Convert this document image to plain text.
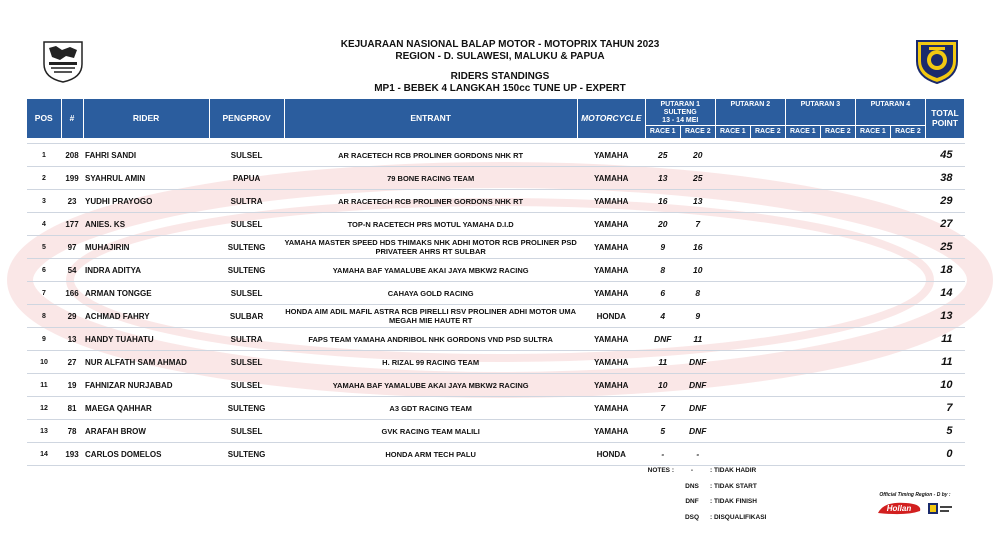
KEJUARAAN NASIONAL BALAP MOTOR - MOTOPRIX TAHUN 2023
REGION - D. SULAWESI, MALUKU & PAPUA
RIDERS STANDINGS
MP1 - BEBEK 4 LANGKAH 150cc TUNE UP - EXPERT
POS	#	RIDER	PENGPROV	ENTRANT	MOTORCYCLE	PUTARAN 1
SULTENG
13 - 14 MEI		PUTARAN 2		PUTARAN 3		PUTARAN 4		TOTAL POINT
						RACE 1	RACE 2	RACE 1	RACE 2	RACE 1	RACE 2	RACE 1	RACE 2	

1	208	FAHRI SANDI	SULSEL	AR RACETECH RCB PROLINER GORDONS NHK RT	YAMAHA	25	20							45
2	199	SYAHRUL AMIN	PAPUA	79 BONE RACING TEAM	YAMAHA	13	25							38
3	23	YUDHI PRAYOGO	SULTRA	AR RACETECH RCB PROLINER GORDONS NHK RT	YAMAHA	16	13							29
4	177	ANIES. KS	SULSEL	TOP-N RACETECH PRS MOTUL YAMAHA D.I.D	YAMAHA	20	7							27
5	97	MUHAJIRIN	SULTENG	YAMAHA MASTER SPEED HDS THIMAKS NHK ADHI MOTOR RCB PROLINER PSD PRIVATEER AHRS RT SULBAR	YAMAHA	9	16							25
6	54	INDRA ADITYA	SULTENG	YAMAHA BAF YAMALUBE AKAI JAYA MBKW2 RACING	YAMAHA	8	10							18
7	166	ARMAN TONGGE	SULSEL	CAHAYA GOLD RACING	YAMAHA	6	8							14
8	29	ACHMAD FAHRY	SULBAR	HONDA AIM ADIL MAFIL ASTRA RCB PIRELLI RSV PROLINER ADHI MOTOR UMA MEGAH MIE HAUTE RT	HONDA	4	9							13
9	13	HANDY TUAHATU	SULTRA	FAPS TEAM YAMAHA ANDRIBOL NHK GORDONS VND PSD SULTRA	YAMAHA	DNF	11							11
10	27	NUR ALFATH SAM AHMAD	SULSEL	H. RIZAL 99 RACING TEAM	YAMAHA	11	DNF							11
11	19	FAHNIZAR NURJABAD	SULSEL	YAMAHA BAF YAMALUBE AKAI JAYA MBKW2 RACING	YAMAHA	10	DNF							10
12	81	MAEGA QAHHAR	SULTENG	A3 GDT RACING TEAM	YAMAHA	7	DNF							7
13	78	ARAFAH BROW	SULSEL	GVK RACING TEAM MALILI	YAMAHA	5	DNF							5
14	193	CARLOS DOMELOS	SULTENG	HONDA ARM TECH PALU	HONDA	-	-							0
NOTES :	-	: TIDAK HADIR
DNS	: TIDAK START
DNF	: TIDAK FINISH
DSQ	: DISQUALIFIKASI
Official Timing Region - D by :
Hollan
